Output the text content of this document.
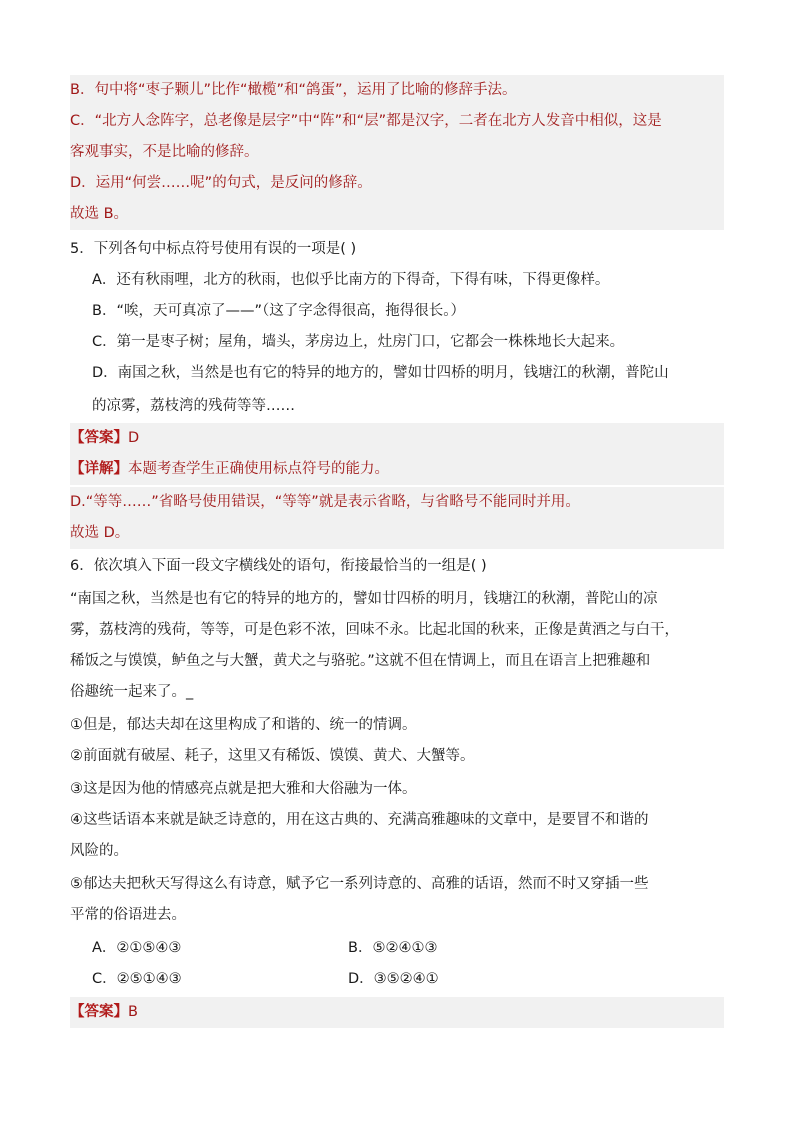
B．句中将“枣子颗儿”比作“橄榄”和“鸽蛋”，运用了比喻的修辞手法。
C．“北方人念阵字，总老像是层字”中“阵”和“层”都是汉字，二者在北方人发音中相似，这是
客观事实，不是比喻的修辞。
D．运用“何尝……呢”的句式，是反问的修辞。
故选 B。
5．下列各句中标点符号使用有误的一项是( )
A．还有秋雨哩，北方的秋雨，也似乎比南方的下得奇，下得有味，下得更像样。
B．“唉，天可真凉了——”（这了字念得很高，拖得很长。）
C．第一是枣子树；屋角，墙头，茅房边上，灶房门口，它都会一株株地长大起来。
D．南国之秋，当然是也有它的特异的地方的，譬如廿四桥的明月，钱塘江的秋潮，普陀山
的凉雾，荔枝湾的残荷等等……
【答案】D
【详解】本题考查学生正确使用标点符号的能力。
D.“等等……”省略号使用错误，“等等”就是表示省略，与省略号不能同时并用。
故选 D。
6．依次填入下面一段文字横线处的语句，衔接最恰当的一组是( )
“南国之秋，当然是也有它的特异的地方的，譬如廿四桥的明月，钱塘江的秋潮，普陀山的凉
雾，荔枝湾的残荷，等等，可是色彩不浓，回味不永。比起北国的秋来，正像是黄酒之与白干，
稀饭之与馍馍，鲈鱼之与大蟹，黄犬之与骆驼。”这就不但在情调上，而且在语言上把雅趣和
俗趣统一起来了。_
①但是，郁达夫却在这里构成了和谐的、统一的情调。
②前面就有破屋、耗子，这里又有稀饭、馍馍、黄犬、大蟹等。
③这是因为他的情感亮点就是把大雅和大俗融为一体。
④这些话语本来就是缺乏诗意的，用在这古典的、充满高雅趣味的文章中，是要冒不和谐的
风险的。
⑤郁达夫把秋天写得这么有诗意，赋予它一系列诗意的、高雅的话语，然而不时又穿插一些
平常的俗语进去。
A．②①⑤④③	B．⑤②④①③
C．②⑤①④③	D．③⑤②④①
【答案】B
